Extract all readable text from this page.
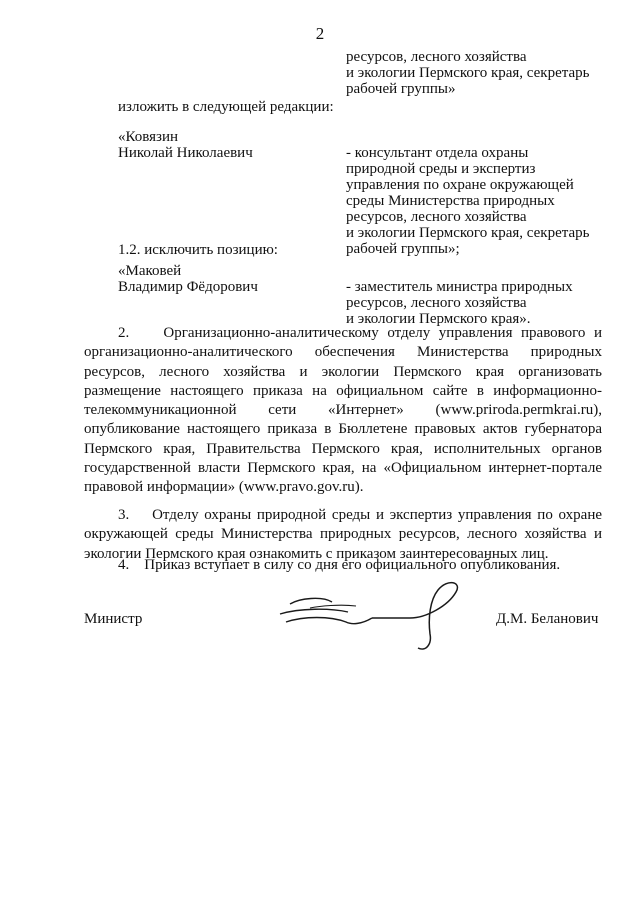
2
ресурсов, лесного хозяйства
и экологии Пермского края, секретарь
рабочей группы»
изложить в следующей редакции:
«Ковязин
Николай Николаевич	- консультант отдела охраны
природной среды и экспертиз
управления по охране окружающей
среды Министерства природных
ресурсов, лесного хозяйства
и экологии Пермского края, секретарь
рабочей группы»;
1.2. исключить позицию:
«Маковей
Владимир Фёдорович	- заместитель министра природных
ресурсов, лесного хозяйства
и экологии Пермского края».
2.    Организационно-аналитическому отделу управления правового и организационно-аналитического обеспечения Министерства природных ресурсов, лесного хозяйства и экологии Пермского края организовать размещение настоящего приказа на официальном сайте в информационно-телекоммуникационной сети «Интернет» (www.priroda.permkrai.ru), опубликование настоящего приказа в Бюллетене правовых актов губернатора Пермского края, Правительства Пермского края, исполнительных органов государственной власти Пермского края, на «Официальном интернет-портале правовой информации» (www.pravo.gov.ru).
3.    Отделу охраны природной среды и экспертиз управления по охране окружающей среды Министерства природных ресурсов, лесного хозяйства и экологии Пермского края ознакомить с приказом заинтересованных лиц.
4.    Приказ вступает в силу со дня его официального опубликования.
Министр	Д.М. Беланович
